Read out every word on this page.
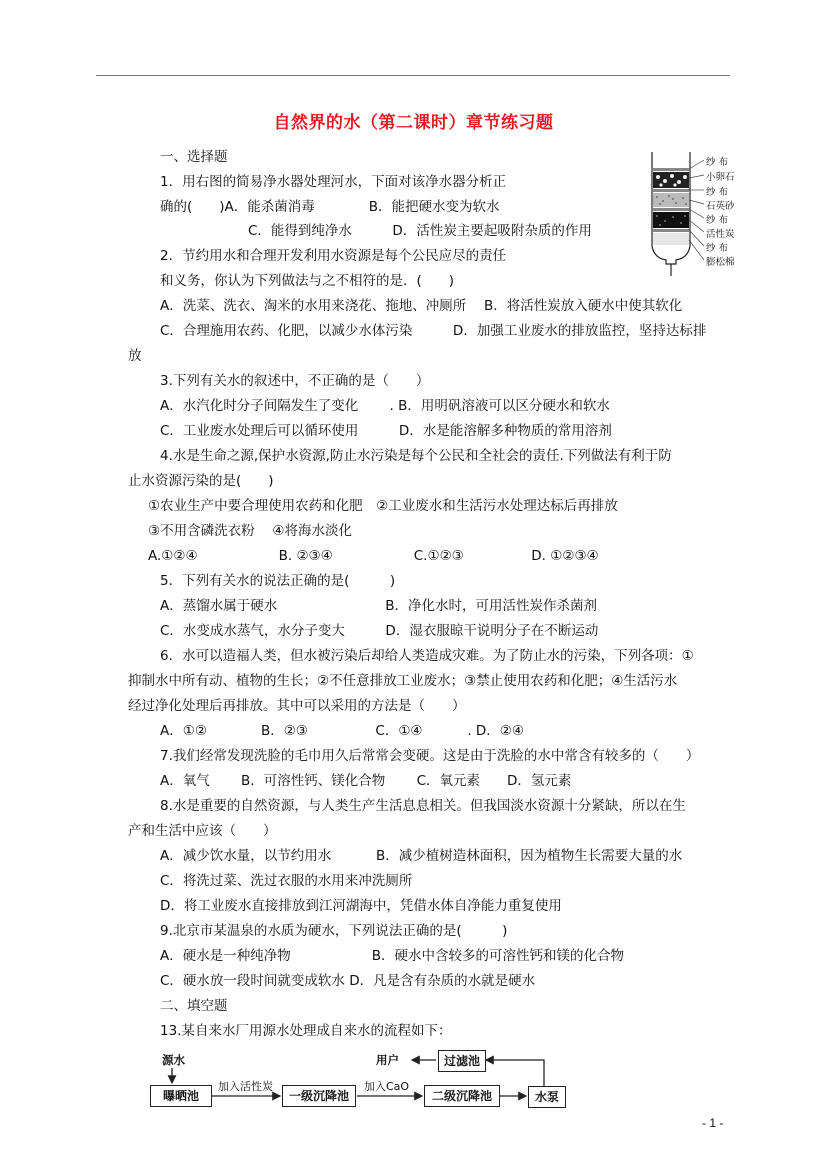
自然界的水（第二课时）章节练习题
纱 布
小卵石
纱 布
石英砂
纱 布
活性炭
纱 布
膨松棉
一、选择题
1．用右图的简易净水器处理河水，下面对该净水器分析正
确的(　　)A．能杀菌消毒　　　　B．能把硬水变为软水
C．能得到纯净水　　　D．活性炭主要起吸附杂质的作用
2．节约用水和合理开发利用水资源是每个公民应尽的责任
和义务，你认为下列做法与之不相符的是．(　　)
A．洗菜、洗衣、淘米的水用来浇花、拖地、冲厕所　 B．将活性炭放入硬水中使其软化
C．合理施用农药、化肥，以减少水体污染　　　D．加强工业废水的排放监控，坚持达标排
放
3.下列有关水的叙述中，不正确的是（　　）
A．水汽化时分子间隔发生了变化　　 . B．用明矾溶液可以区分硬水和软水
C．工业废水处理后可以循环使用　　　D．水是能溶解多种物质的常用溶剂
4.水是生命之源,保护水资源,防止水污染是每个公民和全社会的责任.下列做法有利于防
止水资源污染的是(　　)
①农业生产中要合理使用农药和化肥　②工业废水和生活污水处理达标后再排放
③不用含磷洗衣粉　 ④将海水淡化
A.①②④　　　　　　B. ②③④　　　　　　C.①②③　　　　　D. ①②③④
5．下列有关水的说法正确的是(　　　)
A．蒸馏水属于硬水　　　　　　　　B．净化水时，可用活性炭作杀菌剂
C．水变成水蒸气，水分子变大　　　D．湿衣服晾干说明分子在不断运动
6．水可以造福人类，但水被污染后却给人类造成灾难。为了防止水的污染，下列各项：①
抑制水中所有动、植物的生长；②不任意排放工业废水；③禁止使用农药和化肥；④生活污水
经过净化处理后再排放。其中可以采用的方法是（　　）
A．①②　　　　B．②③　　　　　C．①④　　　 . D．②④
7.我们经常发现洗脸的毛巾用久后常常会变硬。这是由于洗脸的水中常含有较多的（　　）
A．氧气　　 B．可溶性钙、镁化合物　　 C．氧元素　　D．氢元素
8.水是重要的自然资源，与人类生产生活息息相关。但我国淡水资源十分紧缺，所以在生
产和生活中应该（　　）
A．减少饮水量，以节约用水　　　 B．减少植树造林面积，因为植物生长需要大量的水
C．将洗过菜、洗过衣服的水用来冲洗厕所
D．将工业废水直接排放到江河湖海中，凭借水体自净能力重复使用
9.北京市某温泉的水质为硬水，下列说法正确的是(　　　)
A．硬水是一种纯净物　　　　　　B．硬水中含较多的可溶性钙和镁的化合物
C．硬水放一段时间就变成软水 D．凡是含有杂质的水就是硬水
二、填空题
13.某自来水厂用源水处理成自来水的流程如下：
源水
曝晒池
加入活性炭
一级沉降池
加入CaO
二级沉降池	水泵
过滤池
用户
- 1 -
